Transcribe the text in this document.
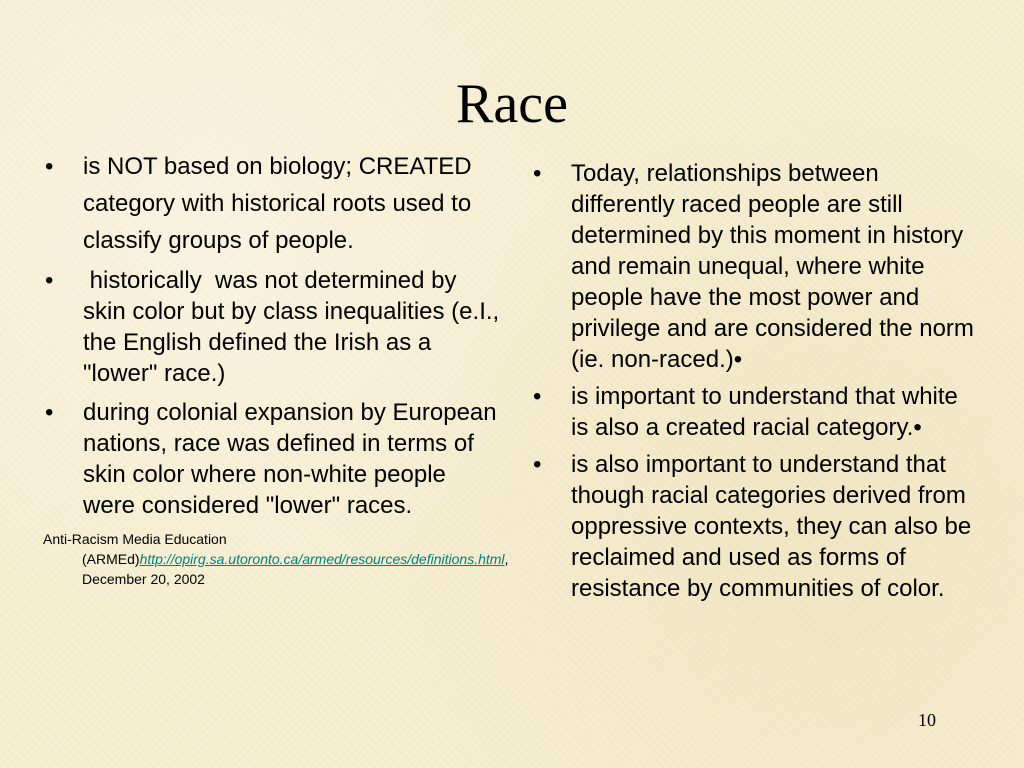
Race
• is NOT based on biology; CREATED category with historical roots used to classify groups of people.
• historically  was not determined by skin color but by class inequalities (e.I., the English defined the Irish as a "lower" race.)
• during colonial expansion by European nations, race was defined in terms of skin color where non-white people were considered "lower" races.
Anti-Racism Media Education (ARMEd)http://opirg.sa.utoronto.ca/armed/resources/definitions.html, December 20, 2002
• Today, relationships between differently raced people are still determined by this moment in history and remain unequal, where white people have the most power and privilege and are considered the norm (ie. non-raced.)•
• is important to understand that white is also a created racial category.•
• is also important to understand that though racial categories derived from oppressive contexts, they can also be reclaimed and used as forms of resistance by communities of color.
10
